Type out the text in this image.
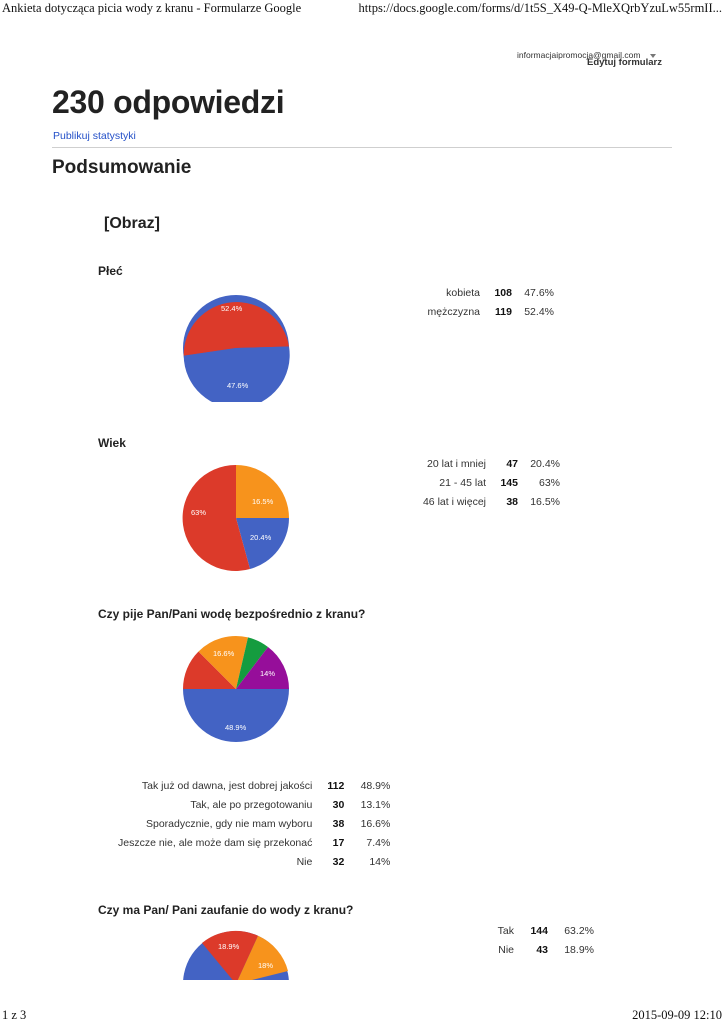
Ankieta dotycząca picia wody z kranu - Formularze Google	https://docs.google.com/forms/d/1t5S_X49-Q-MleXQrbYzuLw55rmII...
informacjaipromocja@gmail.com
Edytuj formularz
230 odpowiedzi
Publikuj statystyki
Podsumowanie
[Obraz]
Płeć
52.4%
47.6%
kobieta	108	47.6%
mężczyzna	119	52.4%
Wiek
16.5%
63%
20.4%
20 lat i mniej	47	20.4%
21 - 45 lat	145	63%
46 lat i więcej	38	16.5%
Czy pije Pan/Pani wodę bezpośrednio z kranu?
16.6%
14%
48.9%
Tak już od dawna, jest dobrej jakości	112	48.9%
Tak, ale po przegotowaniu	30	13.1%
Sporadycznie, gdy nie mam wyboru	38	16.6%
Jeszcze nie, ale może dam się przekonać	17	7.4%
Nie	32	14%
Czy ma Pan/ Pani zaufanie do wody z kranu?
18.9%
18%
Tak	144	63.2%
Nie	43	18.9%
1 z 3	2015-09-09 12:10
